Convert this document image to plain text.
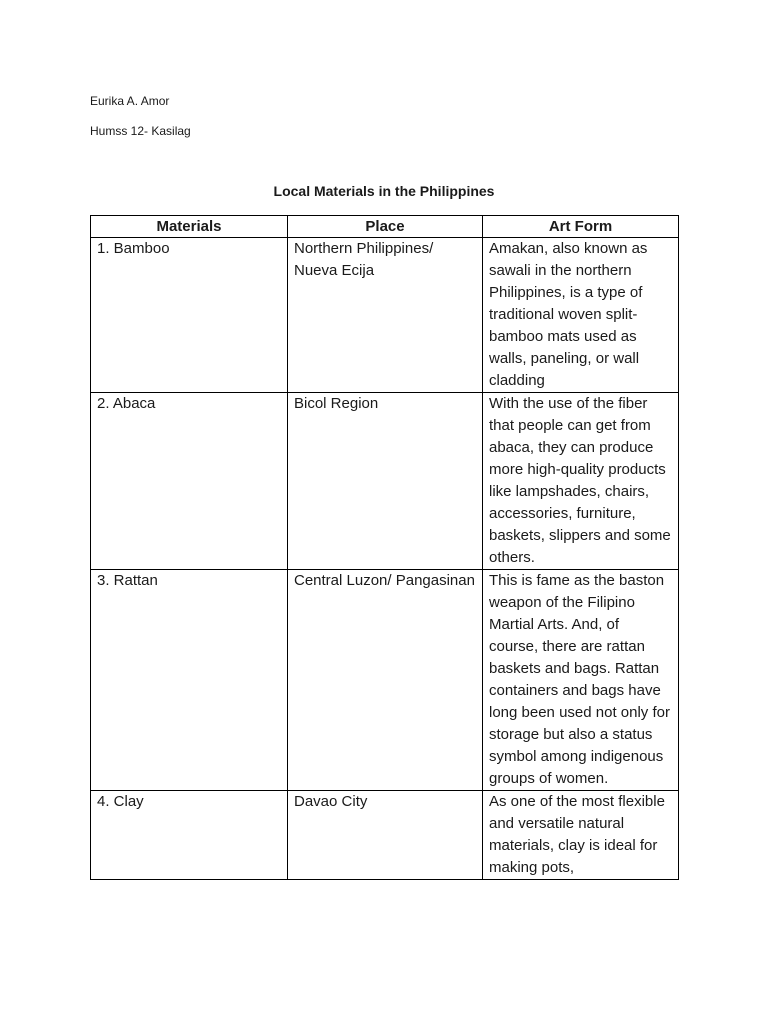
Eurika A. Amor
Humss 12- Kasilag
Local Materials in the Philippines
Materials	Place	Art Form
1. Bamboo	Northern Philippines/ Nueva Ecija	Amakan, also known as sawali in the northern Philippines, is a type of traditional woven split-bamboo mats used as walls, paneling, or wall cladding
2. Abaca	Bicol Region	With the use of the fiber that people can get from abaca, they can produce more high-quality products like lampshades, chairs, accessories, furniture, baskets, slippers and some others.
3. Rattan	Central Luzon/ Pangasinan	This is fame as the baston weapon of the Filipino Martial Arts. And, of course, there are rattan baskets and bags. Rattan containers and bags have long been used not only for storage but also a status symbol among indigenous groups of women.

4. Clay	Davao City	As one of the most flexible and versatile natural materials, clay is ideal for making pots,
